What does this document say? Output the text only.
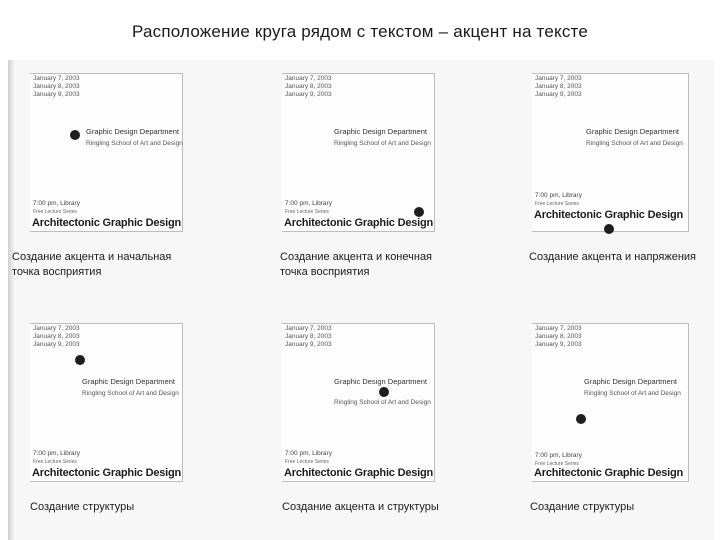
Расположение круга рядом с текстом – акцент на тексте
January 7, 2003
January 8, 2003
January 9, 2003
Graphic Design Department
Ringling School of Art and Design
7:00 pm, Library
Free Lecture Series
Architectonic Graphic Design
Создание акцента и начальная точка восприятия
January 7, 2003
January 8, 2003
January 9, 2003
Graphic Design Department
Ringling School of Art and Design
7:00 pm, Library
Free Lecture Series
Architectonic Graphic Design
Создание акцента и конечная точка восприятия
January 7, 2003
January 8, 2003
January 9, 2003
Graphic Design Department
Ringling School of Art and Design
7:00 pm, Library
Free Lecture Series
Architectonic Graphic Design
Создание акцента и напряжения
January 7, 2003
January 8, 2003
January 9, 2003
Graphic Design Department
Ringling School of Art and Design
7:00 pm, Library
Free Lecture Series
Architectonic Graphic Design
Создание структуры
January 7, 2003
January 8, 2003
January 9, 2003
Graphic Design Department
Ringling School of Art and Design
7:00 pm, Library
Free Lecture Series
Architectonic Graphic Design
Создание акцента и структуры
January 7, 2003
January 8, 2003
January 9, 2003
Graphic Design Department
Ringling School of Art and Design
7:00 pm, Library
Free Lecture Series
Architectonic Graphic Design
Создание структуры
